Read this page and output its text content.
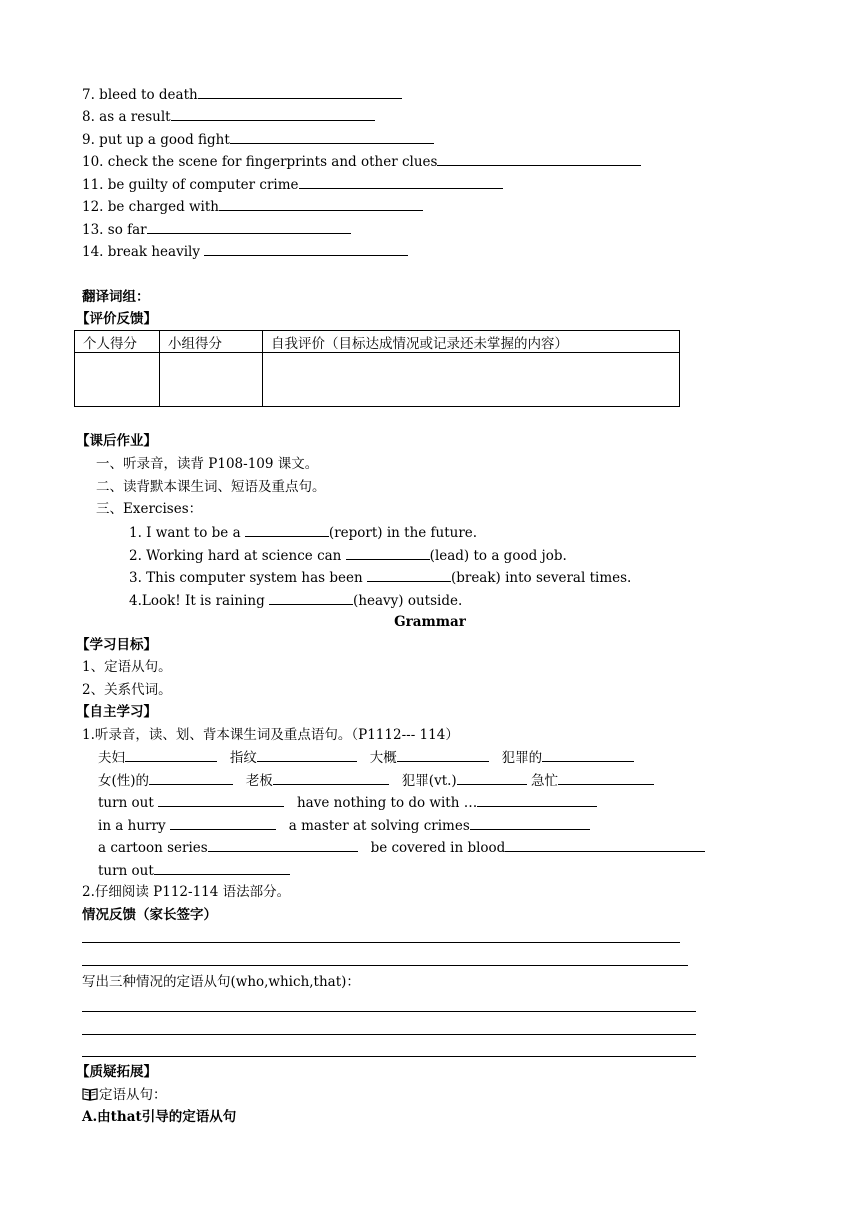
7. bleed to death
8. as a result
9. put up a good fight
10. check the scene for fingerprints and other clues
11. be guilty of computer crime
12. be charged with
13. so far
14. break heavily
翻译词组：
【评价反馈】
个人得分	小组得分	自我评价（目标达成情况或记录还未掌握的内容）

【课后作业】
一、听录音，读背 P108-109 课文。
二、读背默本课生词、短语及重点句。
三、Exercises：
1. I want to be a	(report) in the future.
2. Working hard at science can	(lead) to a good job.
3. This computer system has been	(break) into several times.
4.Look! It is raining	(heavy) outside.
Grammar
【学习目标】
1、定语从句。
2、关系代词。
【自主学习】
1.听录音，读、划、背本课生词及重点语句。（P1112--- 114）
夫妇	指纹	大概	犯罪的
女(性)的	老板	犯罪(vt.)	急忙
turn out	have nothing to do with …
in a hurry	a master at solving crimes
a cartoon series	be covered in blood
turn out
2.仔细阅读 P112-114 语法部分。
情况反馈（家长签字）
写出三种情况的定语从句(who,which,that)：
【质疑拓展】
定语从句：
A.由that引导的定语从句
